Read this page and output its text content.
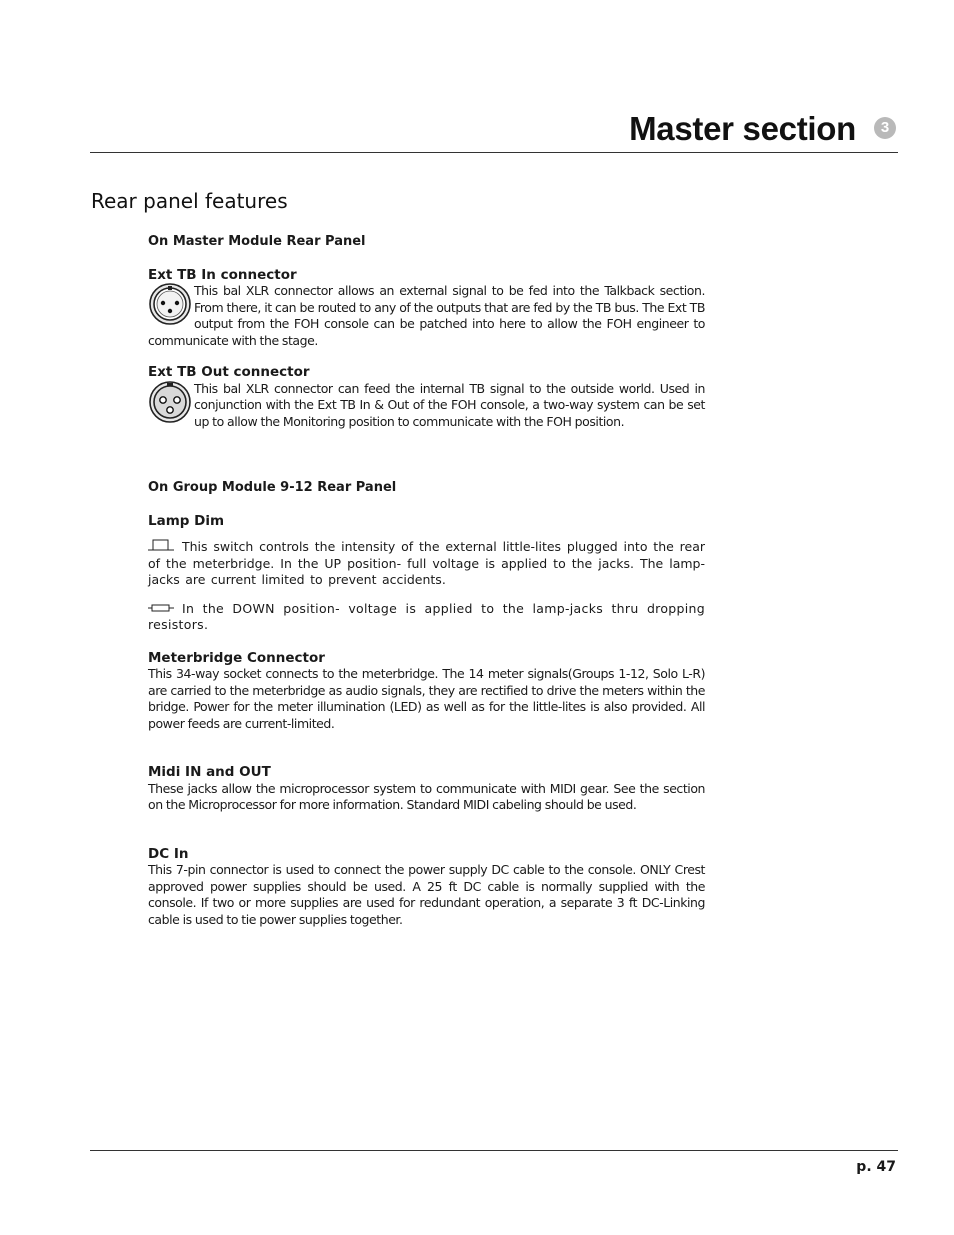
Master section	3
Rear panel features
On Master Module Rear Panel
Ext TB In connector
This bal XLR connector allows an external signal to be fed into the Talkback section. From there, it can be routed to any of the outputs that are fed by the TB bus. The Ext TB output from the FOH console can be patched into here to allow the FOH engineer to communicate with the stage.
Ext TB Out connector
This bal XLR connector can feed the internal TB signal to the outside world. Used in conjunction with the Ext TB In & Out of the FOH console, a two-way system can be set up to allow the Monitoring position to communicate with the FOH position.
On Group Module 9-12 Rear Panel
Lamp Dim
This switch controls the intensity of the external little-lites plugged into the rear of the meterbridge. In the UP position- full voltage is applied to the jacks. The lamp-jacks are current limited to prevent accidents.
In the DOWN position- voltage is applied to the lamp-jacks thru dropping resistors.
Meterbridge Connector
This 34-way socket connects to the meterbridge. The 14 meter signals(Groups 1-12, Solo L-R) are carried to the meterbridge as audio signals, they are rectified to drive the meters within the bridge. Power for the meter illumination (LED) as well as for the little-lites is also provided. All power feeds are current-limited.
Midi IN and OUT
These jacks allow the microprocessor system to communicate with MIDI gear. See the section on the Microprocessor for more information. Standard MIDI cabeling should be used.
DC In
This 7-pin connector is used to connect the power supply DC cable to the console. ONLY Crest approved power supplies should be used. A 25 ft DC cable is normally supplied with the console. If two or more supplies are used for redundant operation, a separate 3 ft DC-Linking cable is used to tie power supplies together.
p. 47
